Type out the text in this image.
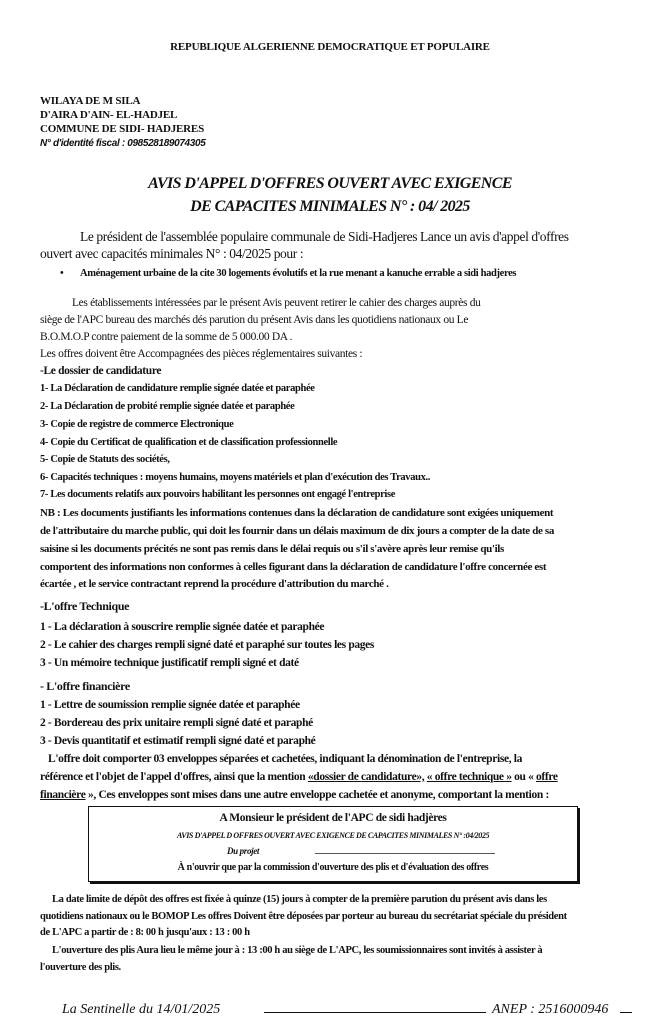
REPUBLIQUE ALGERIENNE DEMOCRATIQUE ET POPULAIRE
WILAYA DE M SILA
D'AIRA D'AIN- EL-HADJEL
COMMUNE DE SIDI- HADJERES
N° d'identité fiscal : 098528189074305
AVIS D'APPEL D'OFFRES OUVERT AVEC EXIGENCE
DE CAPACITES MINIMALES N° : 04/ 2025
Le président de l'assemblée populaire communale de Sidi-Hadjeres Lance un avis d'appel d'offres
ouvert avec capacités minimales N° : 04/2025 pour :
• Aménagement urbaine de la cite 30 logements évolutifs et la rue menant a kanuche errable a sidi hadjeres
Les établissements intéressées par le présent Avis peuvent retirer le cahier des charges auprès du
siège de l'APC bureau des marchés dés parution du présent Avis dans les quotidiens nationaux ou Le
B.O.M.O.P contre paiement de la somme de 5 000.00 DA .
Les offres doivent être Accompagnées des pièces réglementaires suivantes :
-Le dossier de candidature
1- La Déclaration de candidature remplie signée datée et paraphée
2- La Déclaration de probité remplie signée datée et paraphée
3- Copie de registre de commerce Electronique
4- Copie du Certificat de qualification et de classification professionnelle
5- Copie de Statuts des sociétés,
6- Capacités techniques : moyens humains, moyens matériels et plan d'exécution des Travaux..
7- Les documents relatifs aux pouvoirs habilitant les personnes ont engagé l'entreprise
NB : Les documents justifiants les informations contenues dans la déclaration de candidature sont exigées uniquement
de l'attributaire du marche public, qui doit les fournir dans un délais maximum de dix jours a compter de la date de sa
saisine si les documents précités ne sont pas remis dans le délai requis ou s'il s'avère après leur remise qu'ils
comportent des informations non conformes à celles figurant dans la déclaration de candidature l'offre concernée est
écartée , et le service contractant reprend la procédure d'attribution du marché .
-L'offre Technique
1 - La déclaration à souscrire remplie signée datée et paraphée
2 - Le cahier des charges rempli signé daté et paraphé sur toutes les pages
3 - Un mémoire technique justificatif rempli signé et daté
- L'offre financière
1 - Lettre de soumission remplie signée datée et paraphée
2 - Bordereau des prix unitaire rempli signé daté et paraphé
3 - Devis quantitatif et estimatif rempli signé daté et paraphé
L'offre doit comporter 03 enveloppes séparées et cachetées, indiquant la dénomination de l'entreprise, la
référence et l'objet de l'appel d'offres, ainsi que la mention «dossier de candidature», « offre technique » ou « offre
financière », Ces enveloppes sont mises dans une autre enveloppe cachetée et anonyme, comportant la mention :
A Monsieur le président de l'APC de sidi hadjères
AVIS D'APPEL D OFFRES OUVERT AVEC EXIGENCE DE CAPACITES MINIMALES N° :04/2025
Du projet
À n'ouvrir que par la commission d'ouverture des plis et d'évaluation des offres
La date limite de dépôt des offres est fixée à quinze (15) jours à compter de la première parution du présent avis dans les
quotidiens nationaux ou le BOMOP Les offres Doivent être déposées par porteur au bureau du secrétariat spéciale du président
de L'APC a partir de : 8: 00 h jusqu'aux : 13 : 00 h
L'ouverture des plis Aura lieu le même jour à : 13 :00 h au siège de L'APC, les soumissionnaires sont invités à assister à
l'ouverture des plis.
La Sentinelle du 14/01/2025	ANEP : 2516000946
